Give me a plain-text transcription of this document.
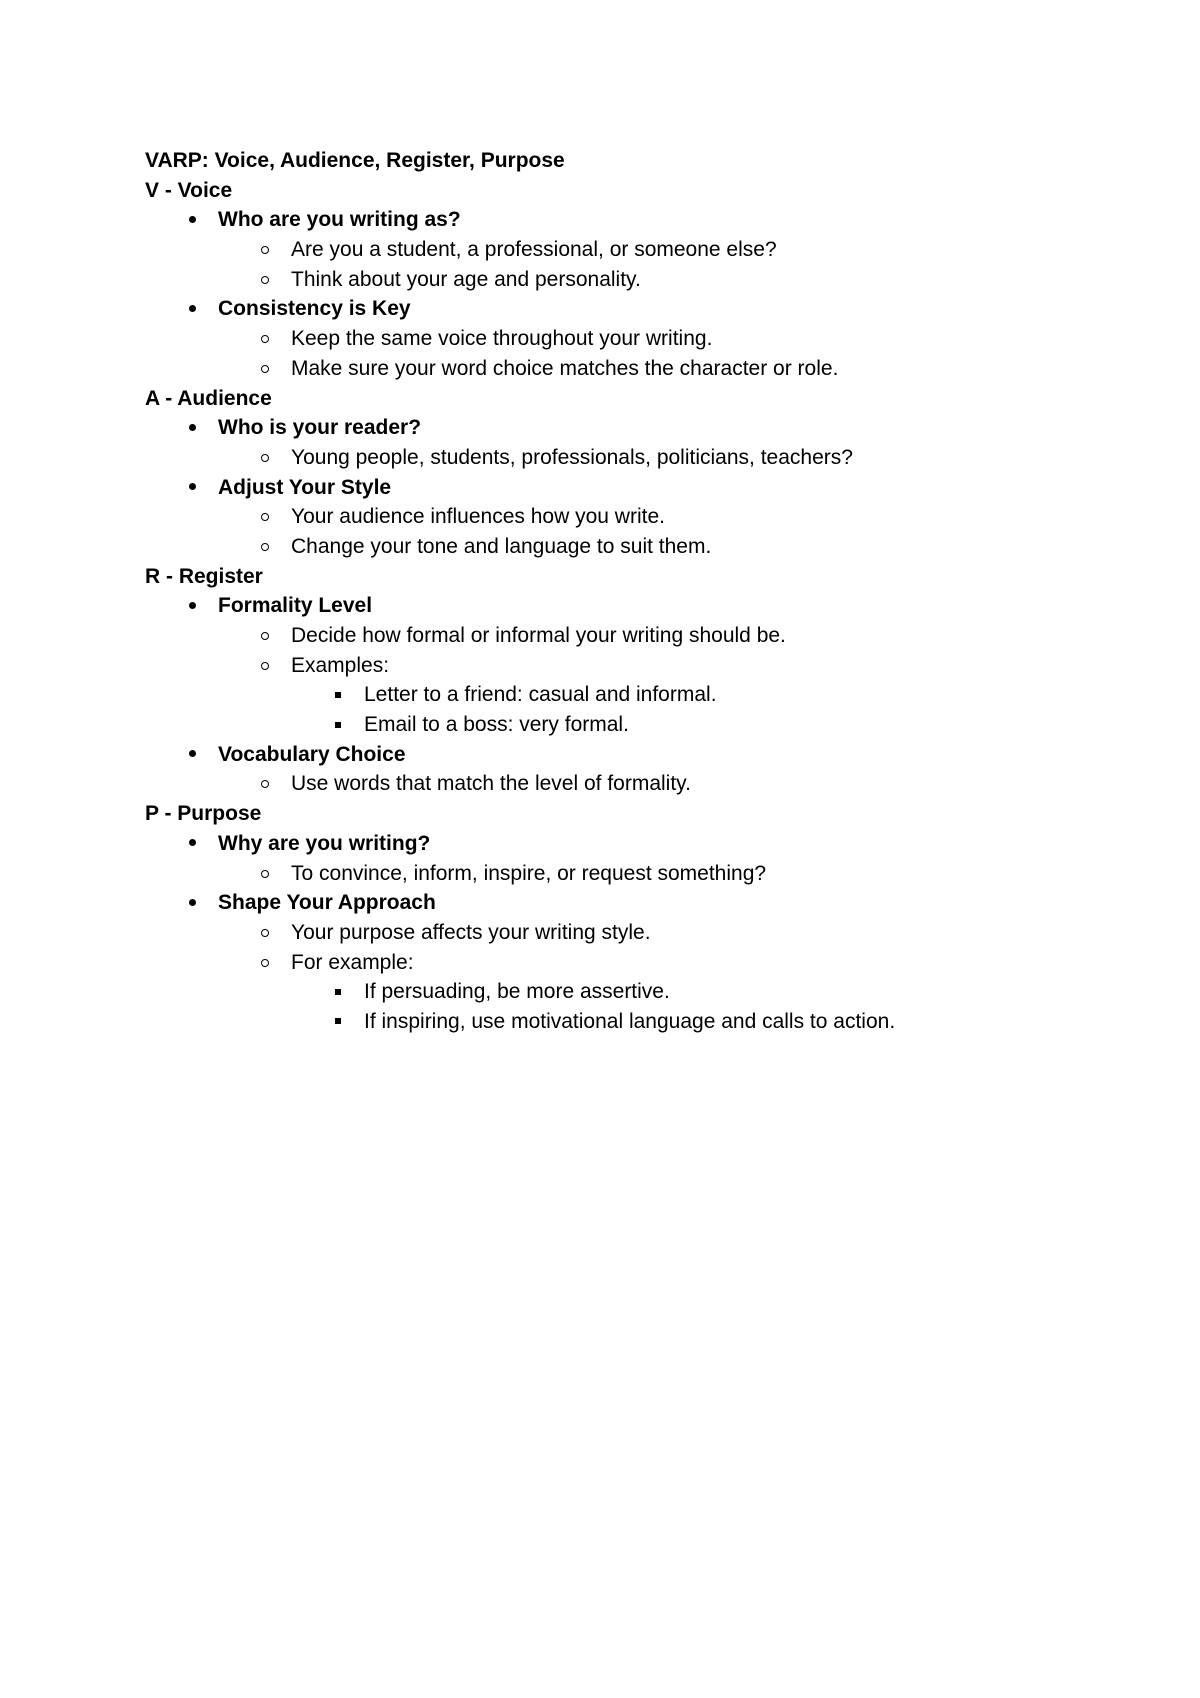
VARP: Voice, Audience, Register, Purpose
V - Voice
Who are you writing as?
Are you a student, a professional, or someone else?
Think about your age and personality.
Consistency is Key
Keep the same voice throughout your writing.
Make sure your word choice matches the character or role.
A - Audience
Who is your reader?
Young people, students, professionals, politicians, teachers?
Adjust Your Style
Your audience influences how you write.
Change your tone and language to suit them.
R - Register
Formality Level
Decide how formal or informal your writing should be.
Examples:
Letter to a friend: casual and informal.
Email to a boss: very formal.
Vocabulary Choice
Use words that match the level of formality.
P - Purpose
Why are you writing?
To convince, inform, inspire, or request something?
Shape Your Approach
Your purpose affects your writing style.
For example:
If persuading, be more assertive.
If inspiring, use motivational language and calls to action.
